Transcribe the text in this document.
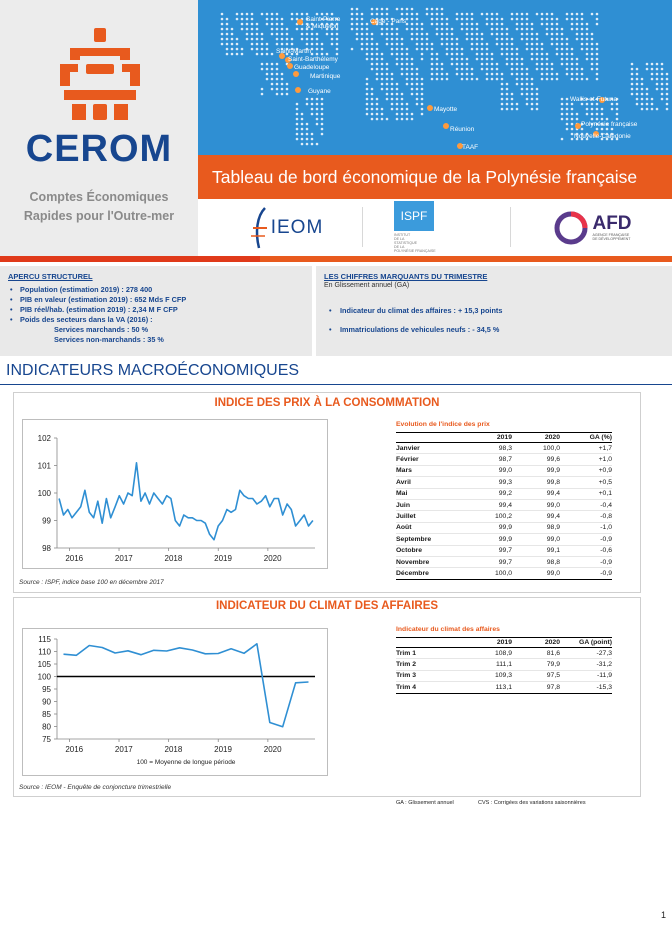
CEROM
Comptes Économiques
Rapides pour l'Outre-mer
Saint-Pierre
& Miquelon
Cage - Paris
Saint-Martin
Saint-Barthélemy
Guadeloupe
Martinique
Guyane
Mayotte
Réunion
TAAF
Wallis-et-Futuna
Polynésie française
Nouvelle-Calédonie
Tableau de bord économique de la Polynésie française
IEOM
ISPF
INSTITUT
DE LA
STATISTIQUE
DE LA
POLYNÉSIE FRANÇAISE
AFD
AGENCE FRANÇAISE
DE DÉVELOPPEMENT
APERCU STRUCTUREL
• Population (estimation 2019) : 278 400
• PIB en valeur (estimation 2019) : 652 Mds F CFP
• PIB réel/hab. (estimation 2019) : 2,34 M F CFP
• Poids des secteurs dans la VA (2016) :
Services marchands : 50 %
Services non-marchands : 35 %
LES CHIFFRES MARQUANTS DU TRIMESTRE
En Glissement annuel (GA)
• Indicateur du climat des affaires : + 15,3 points
• Immatriculations de vehicules neufs : - 34,5 %
INDICATEURS MACROÉCONOMIQUES
INDICE DES PRIX À LA CONSOMMATION
102
101
100
99
98
2016	2017	2018	2019	2020
Evolution de l'indice des prix
	2019	2020	GA (%)
Janvier	98,3	100,0	+1,7
Février	98,7	99,6	+1,0
Mars	99,0	99,9	+0,9
Avril	99,3	99,8	+0,5
Mai	99,2	99,4	+0,1
Juin	99,4	99,0	-0,4
Juillet	100,2	99,4	-0,8
Août	99,9	98,9	-1,0
Septembre	99,9	99,0	-0,9
Octobre	99,7	99,1	-0,6
Novembre	99,7	98,8	-0,9
Décembre	100,0	99,0	-0,9
Source : ISPF, indice base 100 en décembre 2017
INDICATEUR DU CLIMAT DES AFFAIRES
115
110
105
100
95
90
85
80
75
2016	2017	2018	2019	2020
100 = Moyenne de longue période
Indicateur du climat des affaires
	2019	2020	GA (point)
Trim 1	108,9	81,6	-27,3
Trim 2	111,1	79,9	-31,2
Trim 3	109,3	97,5	-11,9
Trim 4	113,1	97,8	-15,3
Source : IEOM - Enquête de conjoncture trimestrielle
GA : Glissement annuel	CVS : Corrigées des variations saisonnières
1
